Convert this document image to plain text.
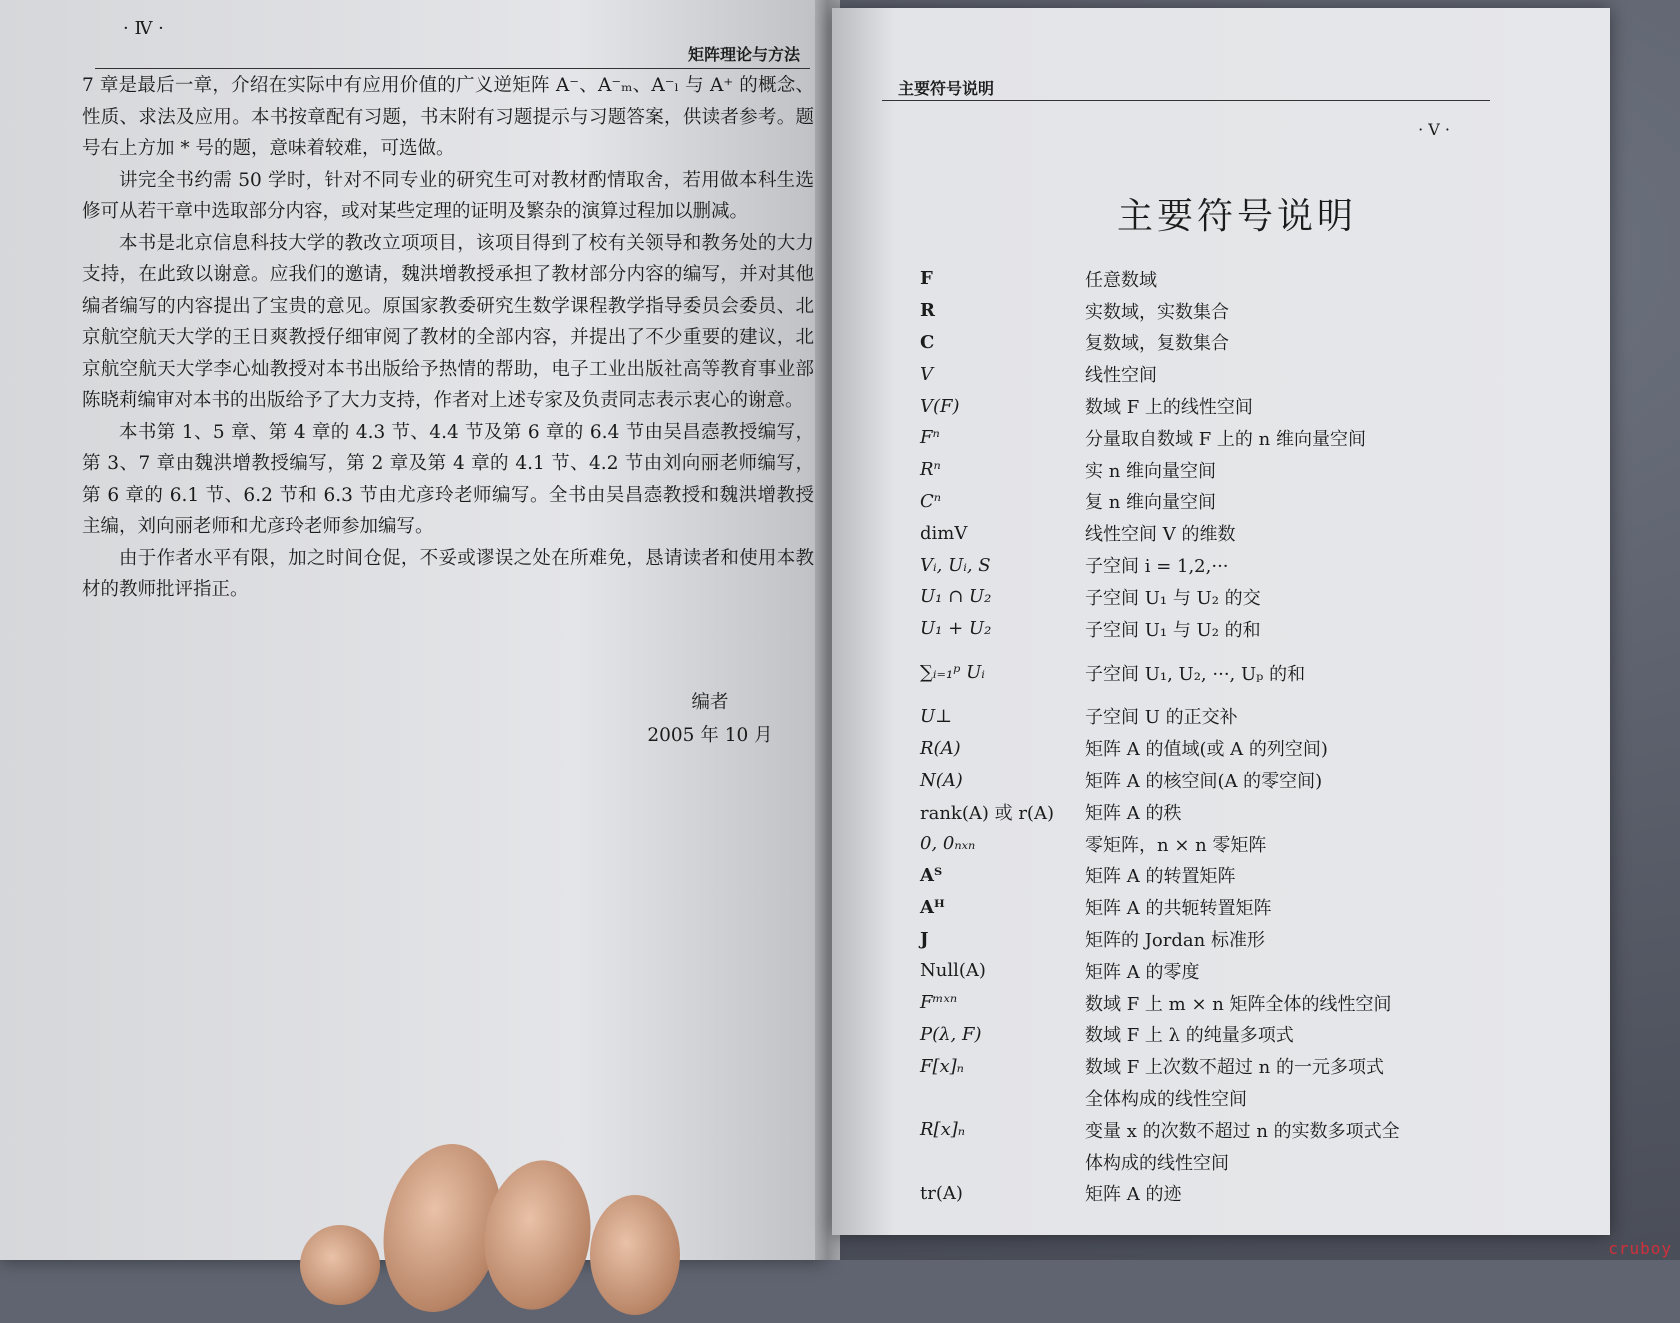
· Ⅳ ·
矩阵理论与方法

7 章是最后一章，介绍在实际中有应用价值的广义逆矩阵 A⁻、A⁻ₘ、A⁻ₗ 与 A⁺ 的概念、性质、求法及应用。本书按章配有习题，书末附有习题提示与习题答案，供读者参考。题号右上方加 * 号的题，意味着较难，可选做。

讲完全书约需 50 学时，针对不同专业的研究生可对教材酌情取舍，若用做本科生选修可从若干章中选取部分内容，或对某些定理的证明及繁杂的演算过程加以删减。

本书是北京信息科技大学的教改立项项目，该项目得到了校有关领导和教务处的大力支持，在此致以谢意。应我们的邀请，魏洪增教授承担了教材部分内容的编写，并对其他编者编写的内容提出了宝贵的意见。原国家教委研究生数学课程教学指导委员会委员、北京航空航天大学的王日爽教授仔细审阅了教材的全部内容，并提出了不少重要的建议，北京航空航天大学李心灿教授对本书出版给予热情的帮助，电子工业出版社高等教育事业部陈晓莉编审对本书的出版给予了大力支持，作者对上述专家及负责同志表示衷心的谢意。

本书第 1、5 章、第 4 章的 4.3 节、4.4 节及第 6 章的 6.4 节由吴昌悫教授编写，第 3、7 章由魏洪增教授编写，第 2 章及第 4 章的 4.1 节、4.2 节由刘向丽老师编写，第 6 章的 6.1 节、6.2 节和 6.3 节由尤彦玲老师编写。全书由吴昌悫教授和魏洪增教授主编，刘向丽老师和尤彦玲老师参加编写。

由于作者水平有限，加之时间仓促，不妥或谬误之处在所难免，恳请读者和使用本教材的教师批评指正。

编者
2005 年 10 月
主要符号说明
· Ⅴ ·
主要符号说明
F	任意数域
R	实数域，实数集合
C	复数域，复数集合
V	线性空间
V(F)	数域 F 上的线性空间
Fⁿ	分量取自数域 F 上的 n 维向量空间
Rⁿ	实 n 维向量空间
Cⁿ	复 n 维向量空间
dimV	线性空间 V 的维数
Vᵢ, Uᵢ, S	子空间 i = 1,2,···
U₁ ∩ U₂	子空间 U₁ 与 U₂ 的交
U₁ + U₂	子空间 U₁ 与 U₂ 的和
∑ᵢ₌₁ᵖ Uᵢ	子空间 U₁, U₂, ···, Uₚ 的和
U⊥	子空间 U 的正交补
R(A)	矩阵 A 的值域(或 A 的列空间)
N(A)	矩阵 A 的核空间(A 的零空间)
rank(A) 或 r(A)	矩阵 A 的秩
0, 0ₙₓₙ	零矩阵，n × n 零矩阵
Aᵀ	矩阵 A 的转置矩阵
Aᴴ	矩阵 A 的共轭转置矩阵
J	矩阵的 Jordan 标准形
Null(A)	矩阵 A 的零度
Fᵐˣⁿ	数域 F 上 m × n 矩阵全体的线性空间
P(λ, F)	数域 F 上 λ 的纯量多项式
F[x]ₙ	数域 F 上次数不超过 n 的一元多项式
全体构成的线性空间
R[x]ₙ	变量 x 的次数不超过 n 的实数多项式全
体构成的线性空间
tr(A)	矩阵 A 的迹
cruboy
